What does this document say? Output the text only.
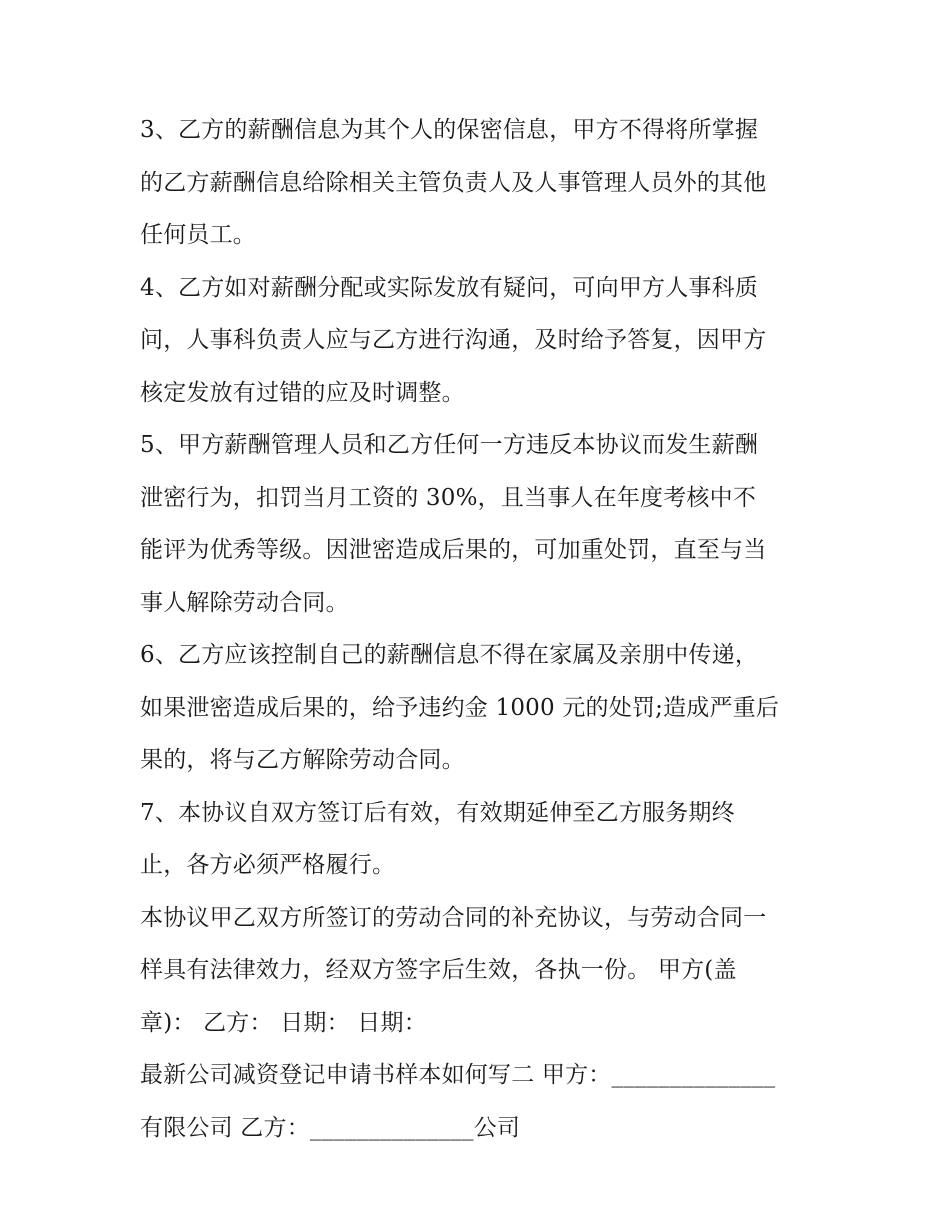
3、乙方的薪酬信息为其个人的保密信息，甲方不得将所掌握
的乙方薪酬信息给除相关主管负责人及人事管理人员外的其他
任何员工。
4、乙方如对薪酬分配或实际发放有疑问，可向甲方人事科质
问，人事科负责人应与乙方进行沟通，及时给予答复，因甲方
核定发放有过错的应及时调整。
5、甲方薪酬管理人员和乙方任何一方违反本协议而发生薪酬
泄密行为，扣罚当月工资的 30%，且当事人在年度考核中不
能评为优秀等级。因泄密造成后果的，可加重处罚，直至与当
事人解除劳动合同。
6、乙方应该控制自己的薪酬信息不得在家属及亲朋中传递，
如果泄密造成后果的，给予违约金 1000 元的处罚;造成严重后
果的，将与乙方解除劳动合同。
7、本协议自双方签订后有效，有效期延伸至乙方服务期终
止，各方必须严格履行。
本协议甲乙双方所签订的劳动合同的补充协议，与劳动合同一
样具有法律效力，经双方签字后生效，各执一份。 甲方(盖
章)： 乙方： 日期： 日期：
最新公司减资登记申请书样本如何写二 甲方：______________
有限公司 乙方：______________公司
